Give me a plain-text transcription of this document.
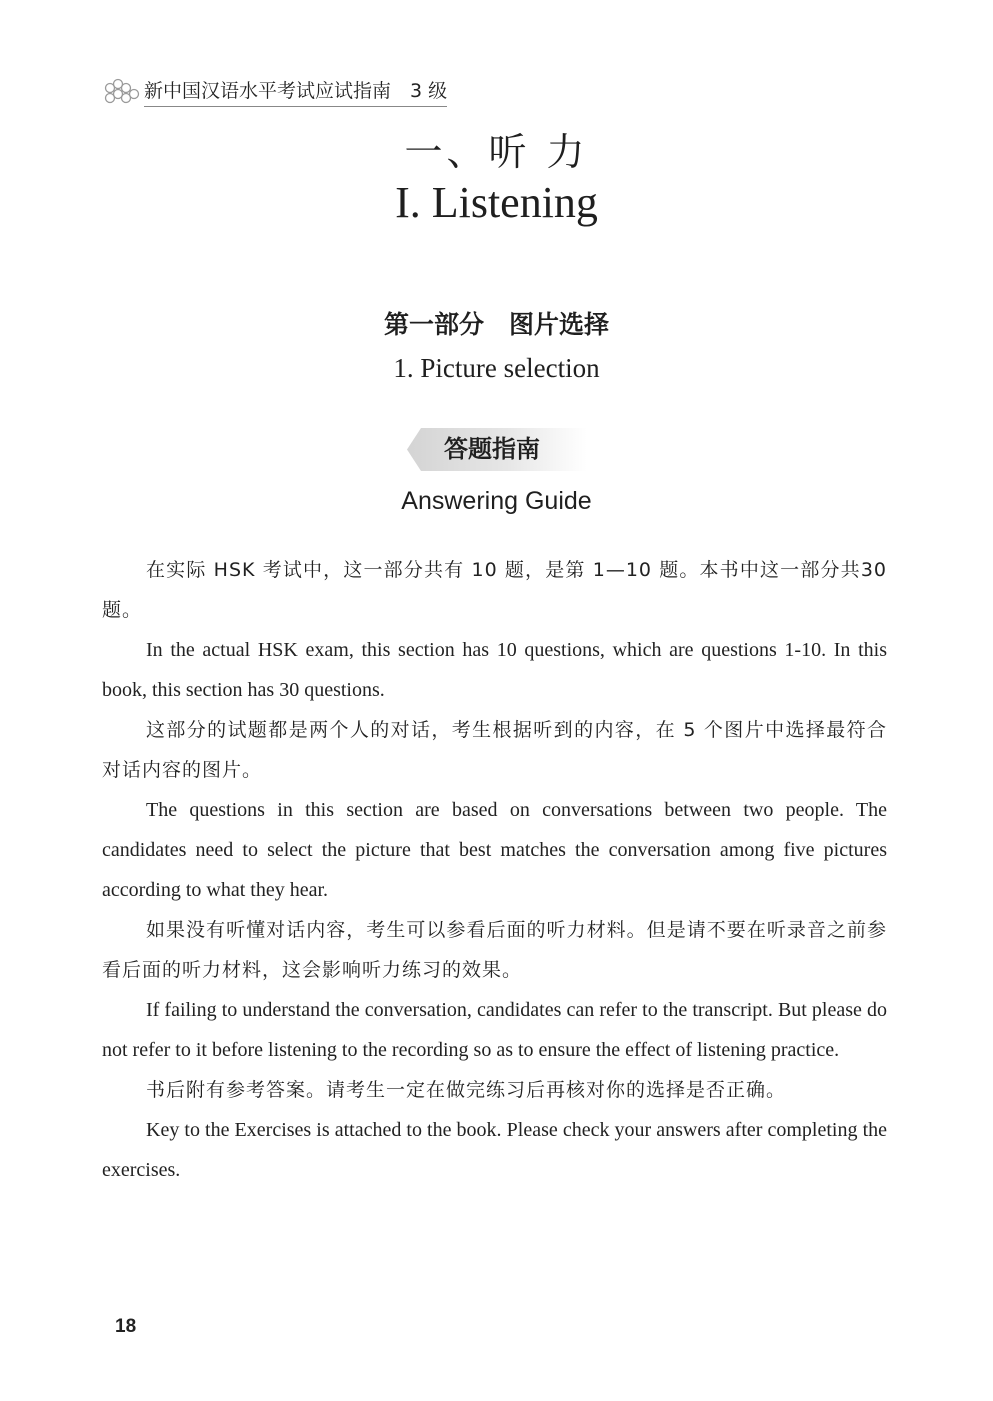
新中国汉语水平考试应试指南　3 级
一、听 力
I. Listening
第一部分　图片选择
1. Picture selection
答题指南
Answering Guide

在实际 HSK 考试中，这一部分共有 10 题，是第 1—10 题。本书中这一部分共30 题。

In the actual HSK exam, this section has 10 questions, which are questions 1-10. In this book, this section has 30 questions.

这部分的试题都是两个人的对话，考生根据听到的内容，在 5 个图片中选择最符合对话内容的图片。

The questions in this section are based on conversations between two people. The candidates need to select the picture that best matches the conversation among five pictures according to what they hear.

如果没有听懂对话内容，考生可以参看后面的听力材料。但是请不要在听录音之前参看后面的听力材料，这会影响听力练习的效果。

If failing to understand the conversation, candidates can refer to the transcript. But please do not refer to it before listening to the recording so as to ensure the effect of listening practice.

书后附有参考答案。请考生一定在做完练习后再核对你的选择是否正确。

Key to the Exercises is attached to the book. Please check your answers after completing the exercises.

18
